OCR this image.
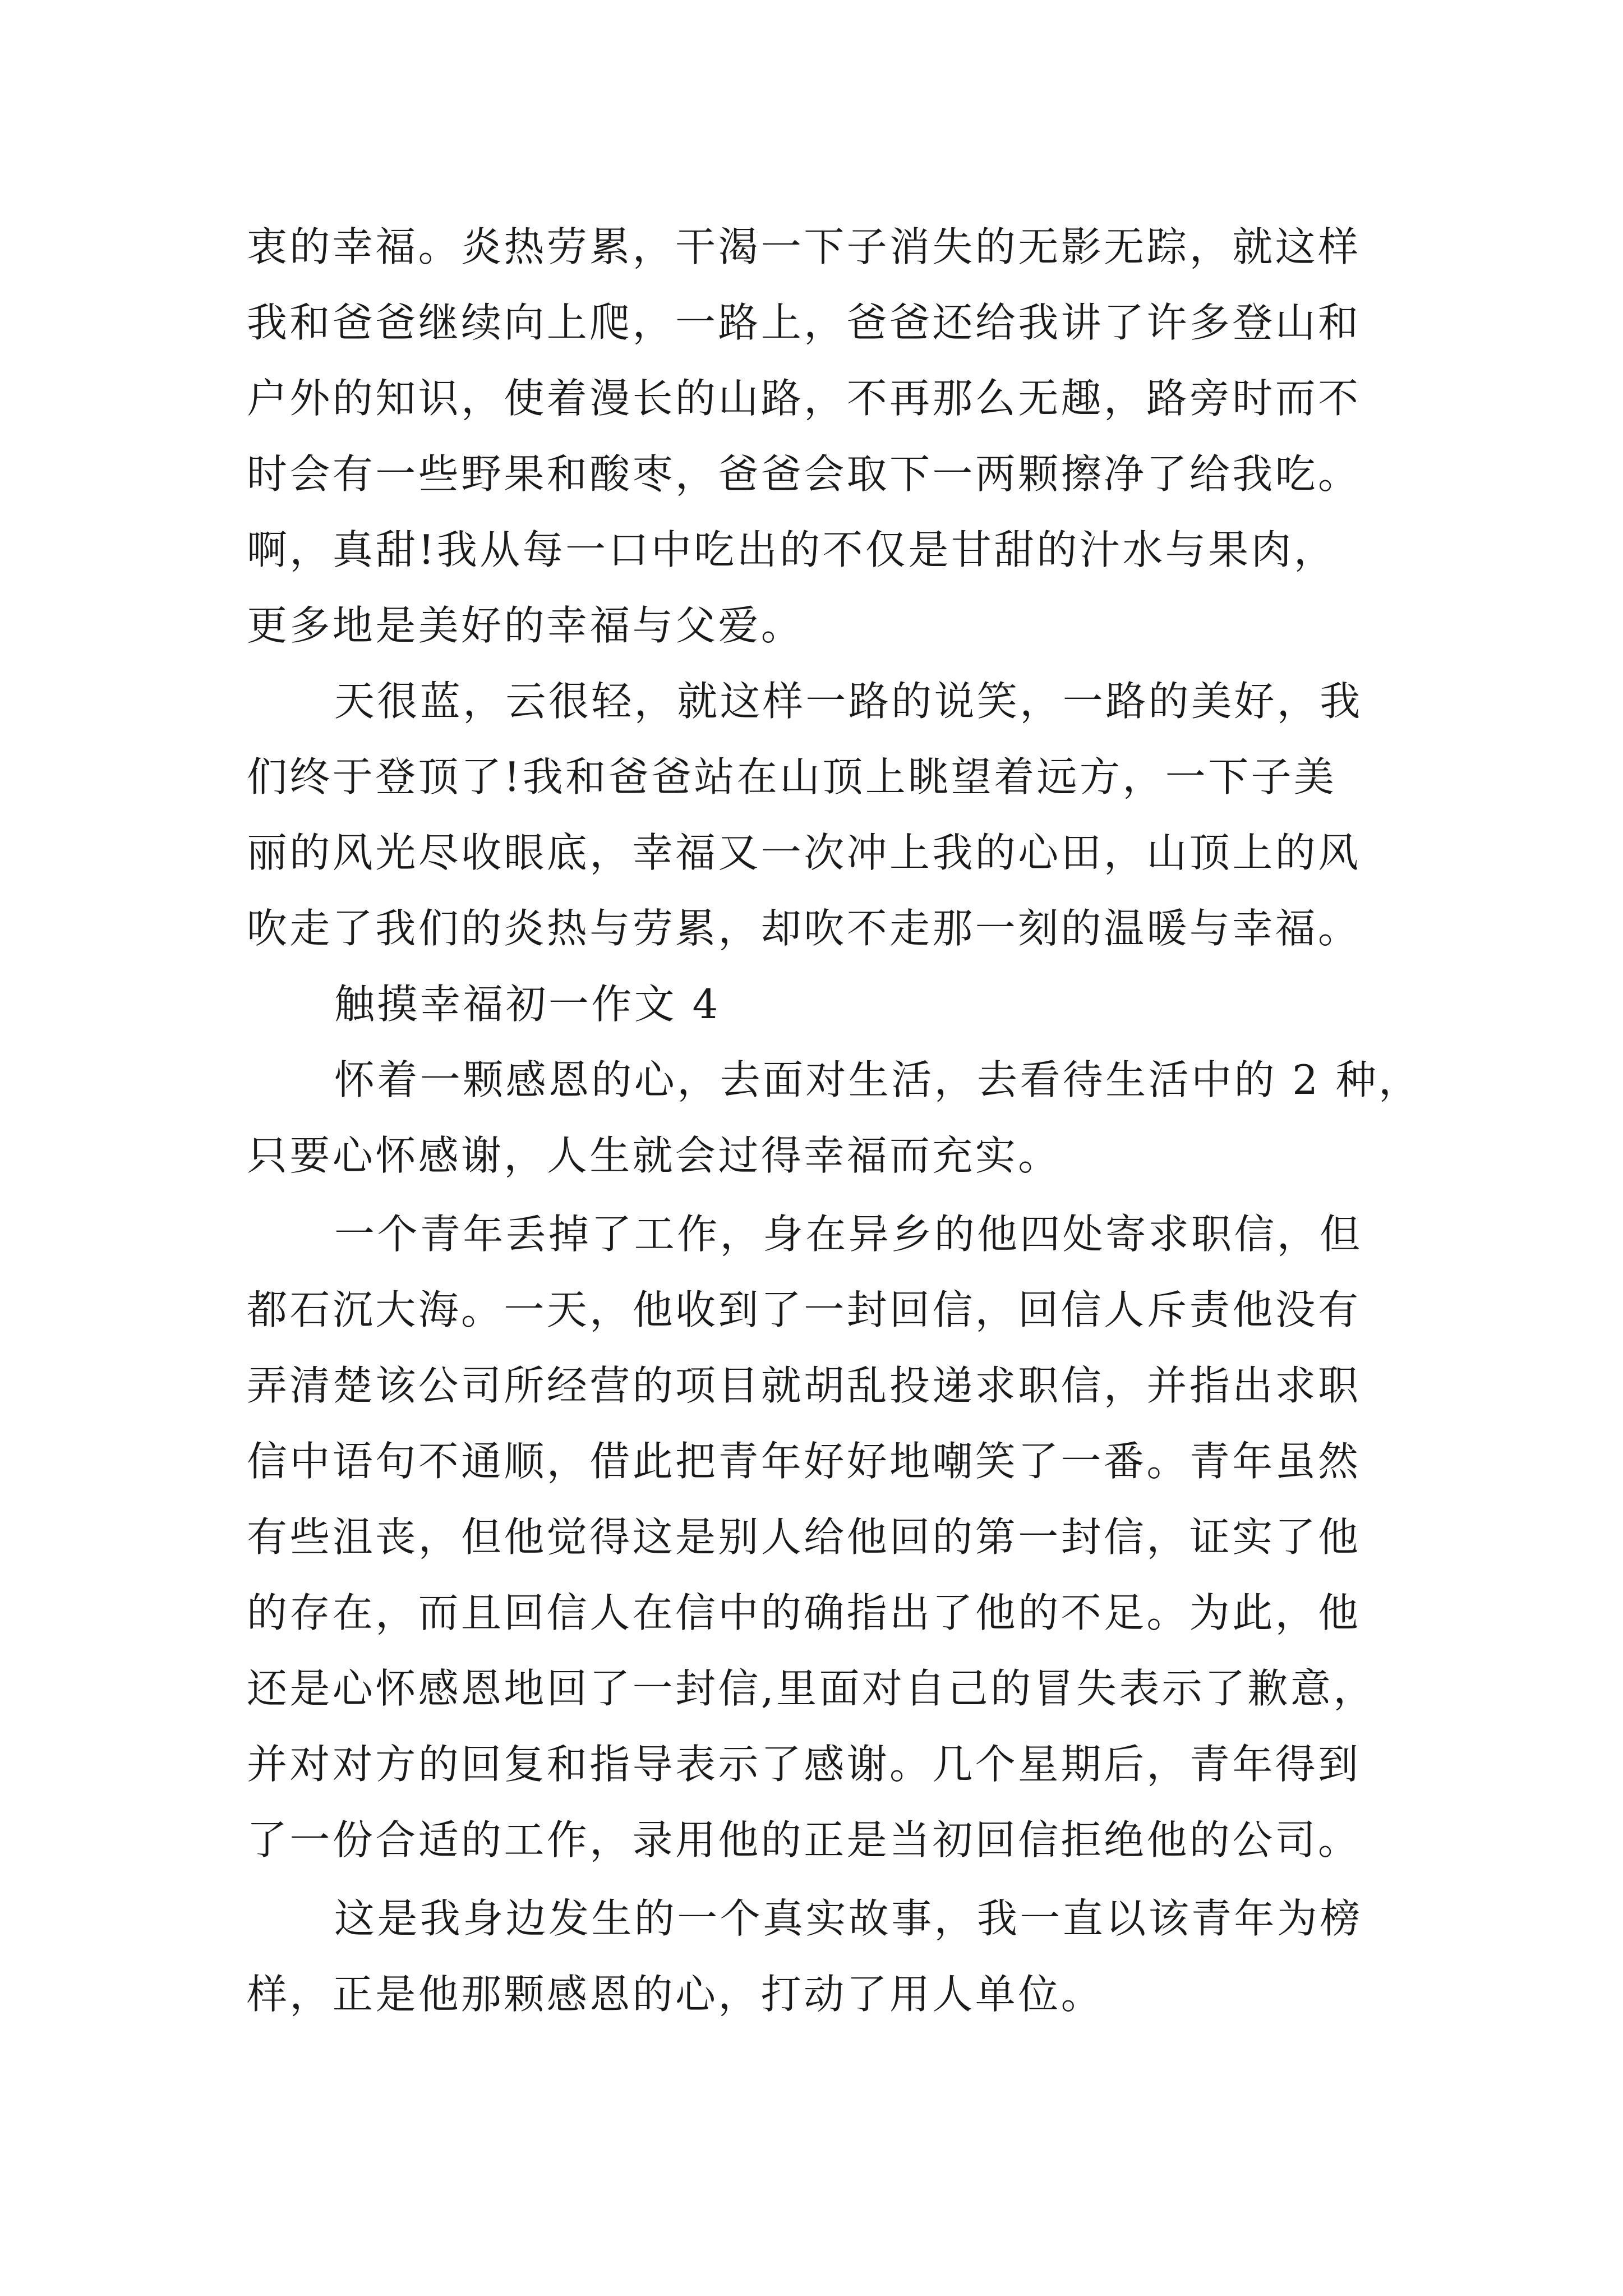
衷的幸福。炎热劳累，干渴一下子消失的无影无踪，就这样
我和爸爸继续向上爬，一路上，爸爸还给我讲了许多登山和
户外的知识，使着漫长的山路，不再那么无趣，路旁时而不
时会有一些野果和酸枣，爸爸会取下一两颗擦净了给我吃。
啊，真甜!我从每一口中吃出的不仅是甘甜的汁水与果肉，
更多地是美好的幸福与父爱。
天很蓝，云很轻，就这样一路的说笑，一路的美好，我
们终于登顶了!我和爸爸站在山顶上眺望着远方，一下子美
丽的风光尽收眼底，幸福又一次冲上我的心田，山顶上的风
吹走了我们的炎热与劳累，却吹不走那一刻的温暖与幸福。
触摸幸福初一作文 4
怀着一颗感恩的心，去面对生活，去看待生活中的 2 种，
只要心怀感谢，人生就会过得幸福而充实。
一个青年丢掉了工作，身在异乡的他四处寄求职信，但
都石沉大海。一天，他收到了一封回信，回信人斥责他没有
弄清楚该公司所经营的项目就胡乱投递求职信，并指出求职
信中语句不通顺，借此把青年好好地嘲笑了一番。青年虽然
有些沮丧，但他觉得这是别人给他回的第一封信，证实了他
的存在，而且回信人在信中的确指出了他的不足。为此，他
还是心怀感恩地回了一封信,里面对自己的冒失表示了歉意，
并对对方的回复和指导表示了感谢。几个星期后，青年得到
了一份合适的工作，录用他的正是当初回信拒绝他的公司。
这是我身边发生的一个真实故事，我一直以该青年为榜
样，正是他那颗感恩的心，打动了用人单位。
